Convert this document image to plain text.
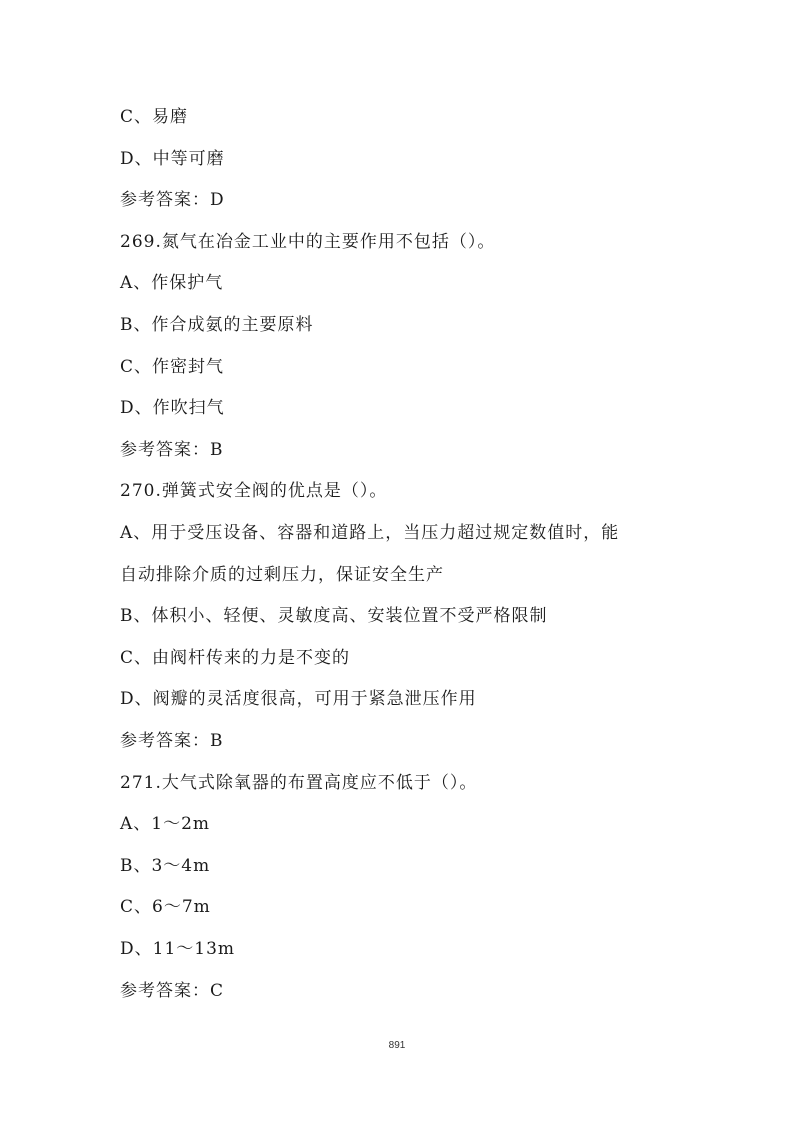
C、易磨
D、中等可磨
参考答案：D
269.氮气在冶金工业中的主要作用不包括（）。
A、作保护气
B、作合成氨的主要原料
C、作密封气
D、作吹扫气
参考答案：B
270.弹簧式安全阀的优点是（）。
A、用于受压设备、容器和道路上，当压力超过规定数值时，能
自动排除介质的过剩压力，保证安全生产
B、体积小、轻便、灵敏度高、安装位置不受严格限制
C、由阀杆传来的力是不变的
D、阀瓣的灵活度很高，可用于紧急泄压作用
参考答案：B
271.大气式除氧器的布置高度应不低于（）。
A、1～2m
B、3～4m
C、6～7m
D、11～13m
参考答案：C
891
